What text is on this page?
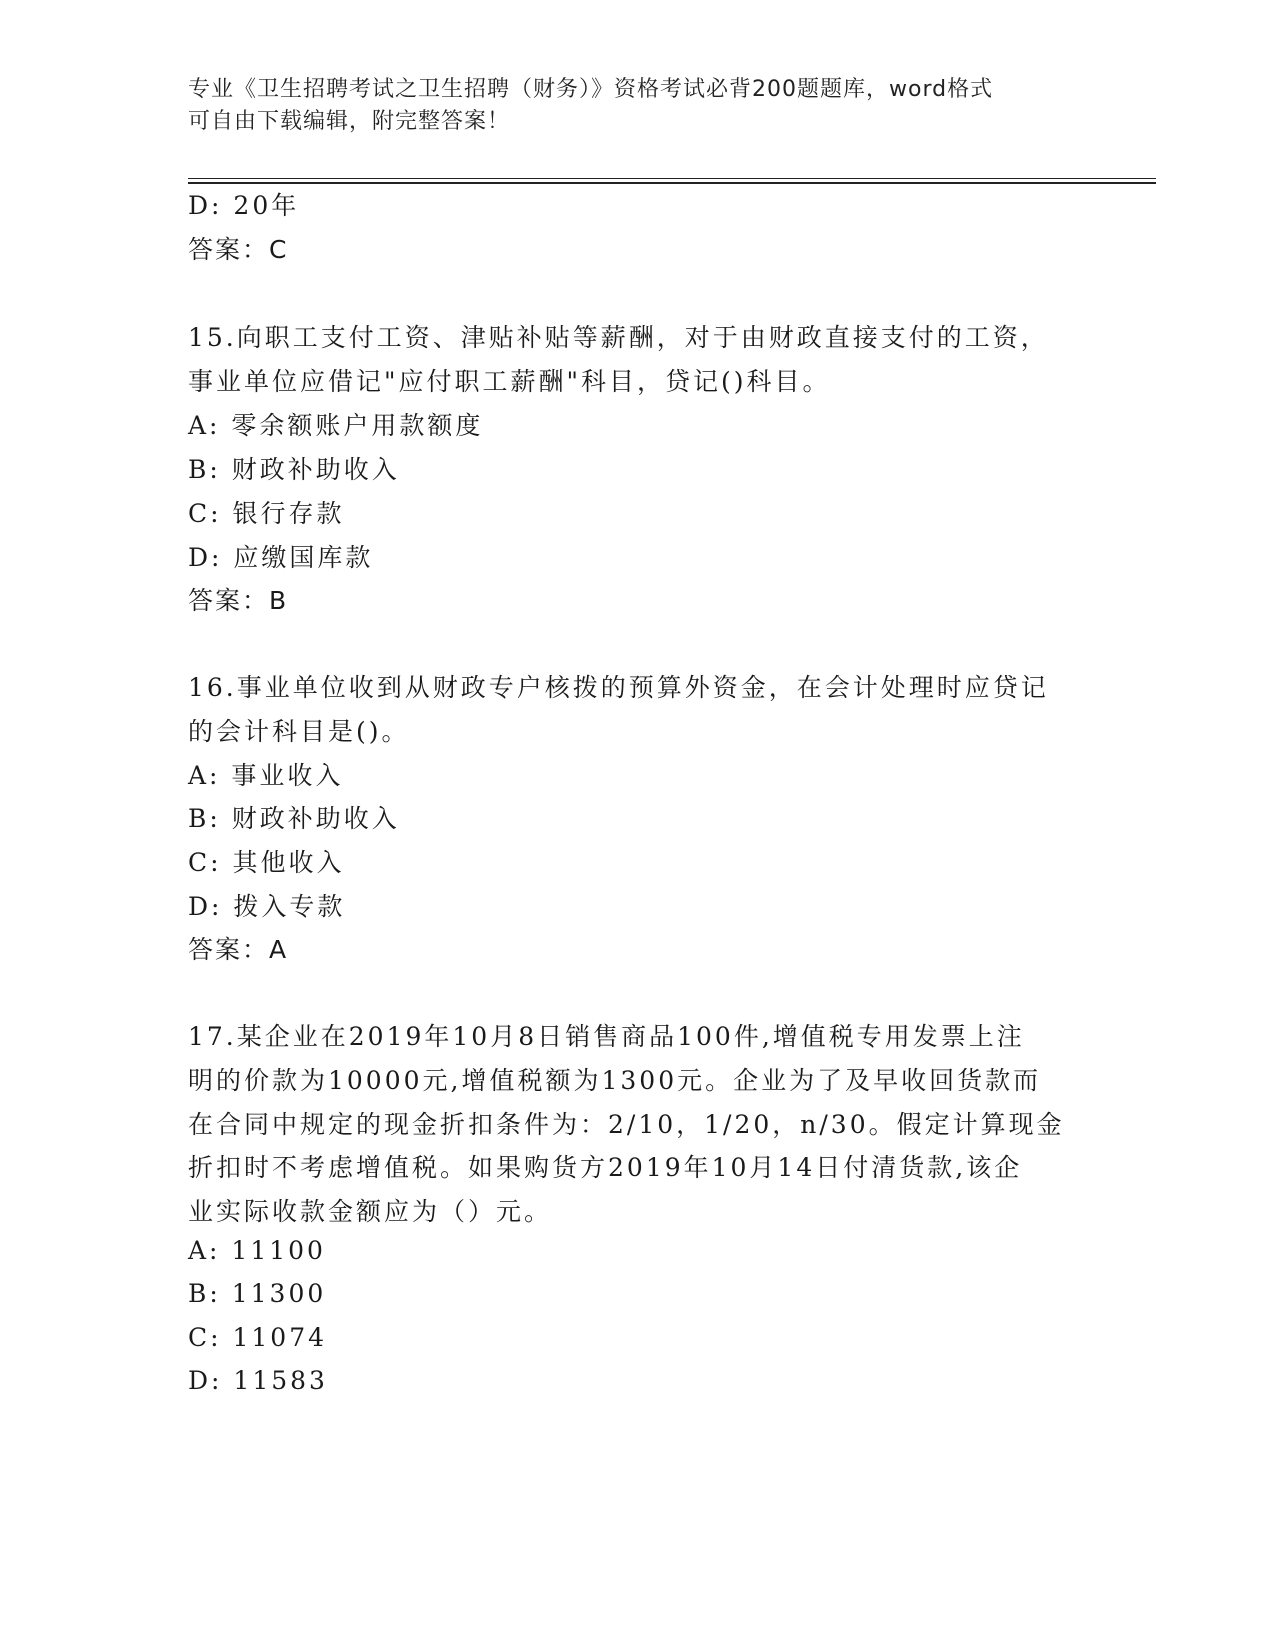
专业《卫生招聘考试之卫生招聘（财务）》资格考试必背200题题库，word格式
可自由下载编辑，附完整答案！
D: 20年
答案：C
15.向职工支付工资、津贴补贴等薪酬，对于由财政直接支付的工资，
事业单位应借记"应付职工薪酬"科目，贷记()科目。
A: 零余额账户用款额度
B: 财政补助收入
C: 银行存款
D: 应缴国库款
答案：B
16.事业单位收到从财政专户核拨的预算外资金，在会计处理时应贷记
的会计科目是()。
A: 事业收入
B: 财政补助收入
C: 其他收入
D: 拨入专款
答案：A
17.某企业在2019年10月8日销售商品100件,增值税专用发票上注
明的价款为10000元,增值税额为1300元。企业为了及早收回货款而
在合同中规定的现金折扣条件为：2/10，1/20，n/30。假定计算现金
折扣时不考虑增值税。如果购货方2019年10月14日付清货款,该企
业实际收款金额应为（）元。
A: 11100
B: 11300
C: 11074
D: 11583
